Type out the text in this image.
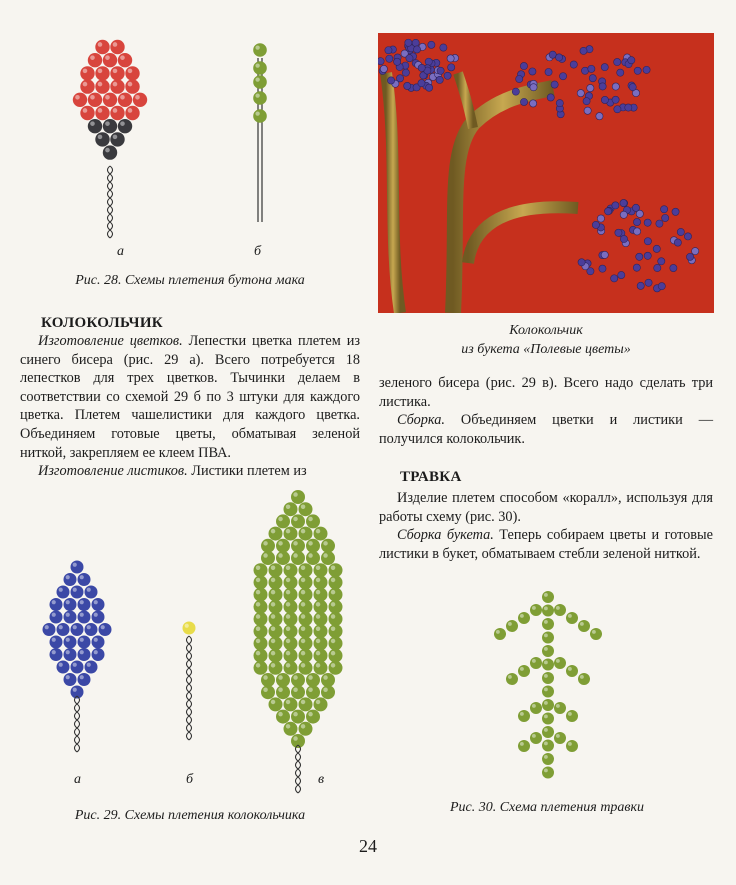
а	б
Рис. 28. Схемы плетения бутона мака
Колокольчик
из букета «Полевые цветы»
КОЛОКОЛЬЧИК

Изготовление цветков. Лепестки цветка плетем из синего бисера (рис. 29 а). Всего потребуется 18 лепестков для трех цветков. Тычинки делаем в соответствии со схемой 29 б по 3 штуки для каждого цветка. Плетем чашелистики для каждого цветка. Объединяем готовые цветы, обматывая зеленой ниткой, закрепляем ее клеем ПВА.

Изготовление листиков. Листики плетем из

зеленого бисера (рис. 29 в). Всего надо сделать три листика.

Сборка. Объединяем цветки и листики — получился колокольчик.

ТРАВКА

Изделие плетем способом «коралл», используя для работы схему (рис. 30).

Сборка букета. Теперь собираем цветы и готовые листики в букет, обматываем стебли зеленой ниткой.

а	б	в
Рис. 29. Схемы плетения колокольчика
Рис. 30. Схема плетения травки
24
